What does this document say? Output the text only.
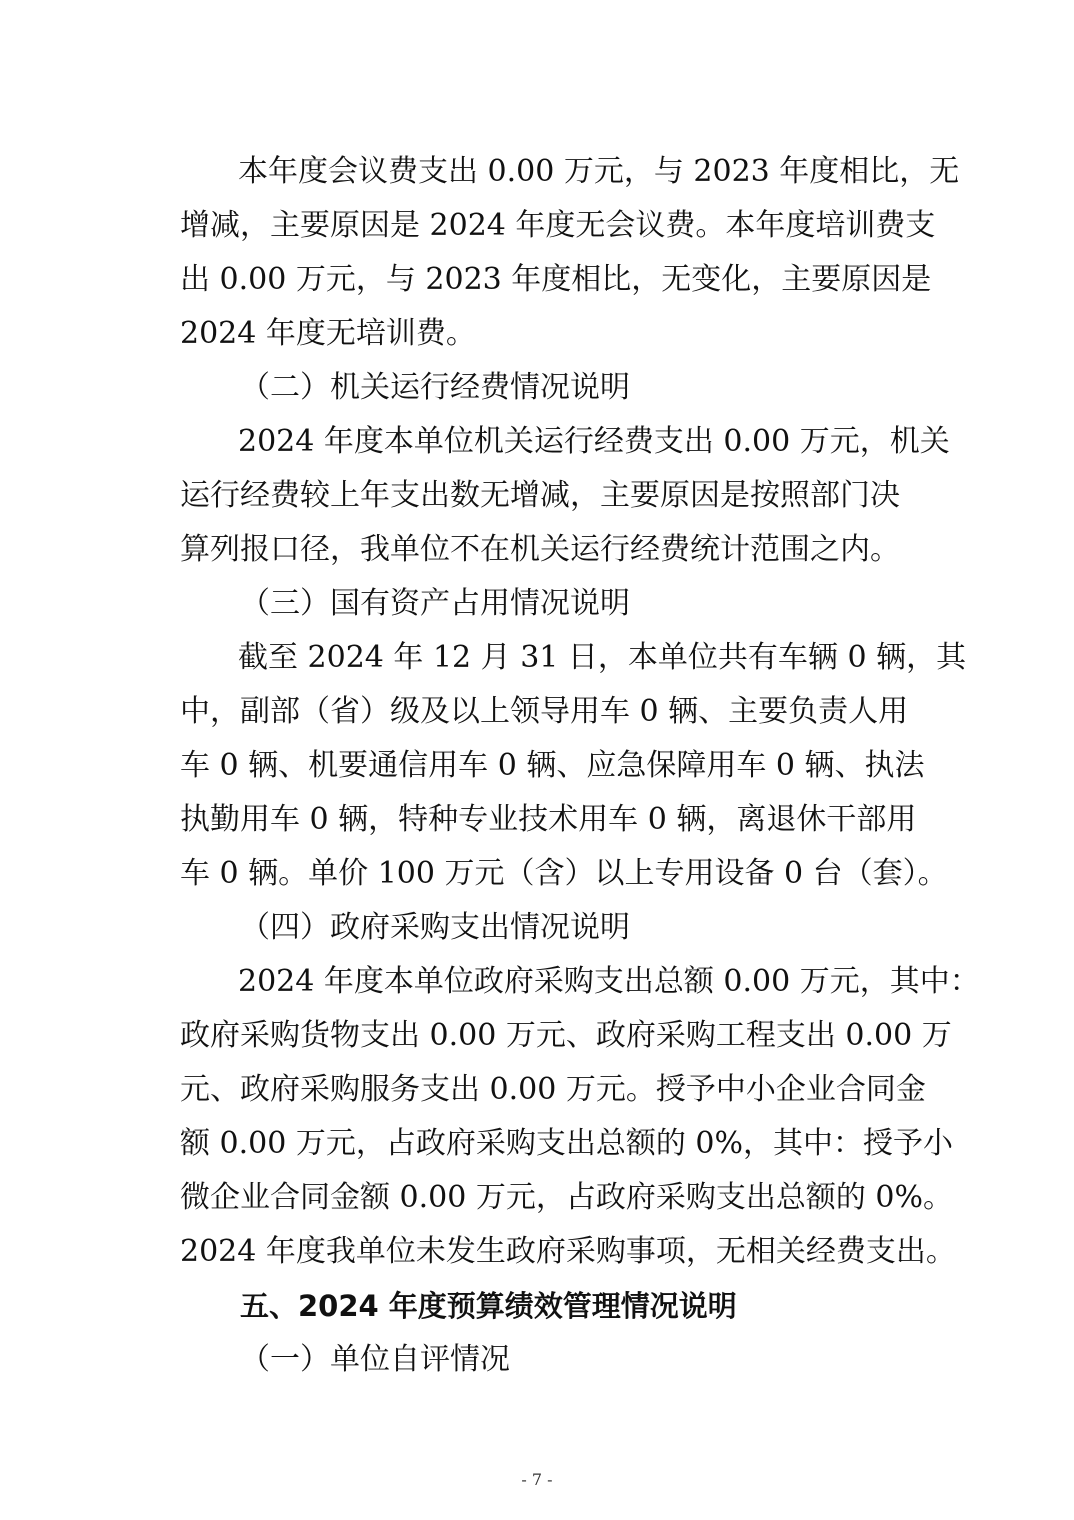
本年度会议费支出 0.00 万元，与 2023 年度相比，无
增减，主要原因是 2024 年度无会议费。本年度培训费支
出 0.00 万元，与 2023 年度相比，无变化，主要原因是
2024 年度无培训费。
（二）机关运行经费情况说明
2024 年度本单位机关运行经费支出 0.00 万元，机关
运行经费较上年支出数无增减，主要原因是按照部门决
算列报口径，我单位不在机关运行经费统计范围之内。
（三）国有资产占用情况说明
截至 2024 年 12 月 31 日，本单位共有车辆 0 辆，其
中，副部（省）级及以上领导用车 0 辆、主要负责人用
车 0 辆、机要通信用车 0 辆、应急保障用车 0 辆、执法
执勤用车 0 辆，特种专业技术用车 0 辆，离退休干部用
车 0 辆。单价 100 万元（含）以上专用设备 0 台（套）。
（四）政府采购支出情况说明
2024 年度本单位政府采购支出总额 0.00 万元，其中：
政府采购货物支出 0.00 万元、政府采购工程支出 0.00 万
元、政府采购服务支出 0.00 万元。授予中小企业合同金
额 0.00 万元，占政府采购支出总额的 0%，其中：授予小
微企业合同金额 0.00 万元，占政府采购支出总额的 0%。
2024 年度我单位未发生政府采购事项，无相关经费支出。
五、2024 年度预算绩效管理情况说明
（一）单位自评情况
- 7 -
